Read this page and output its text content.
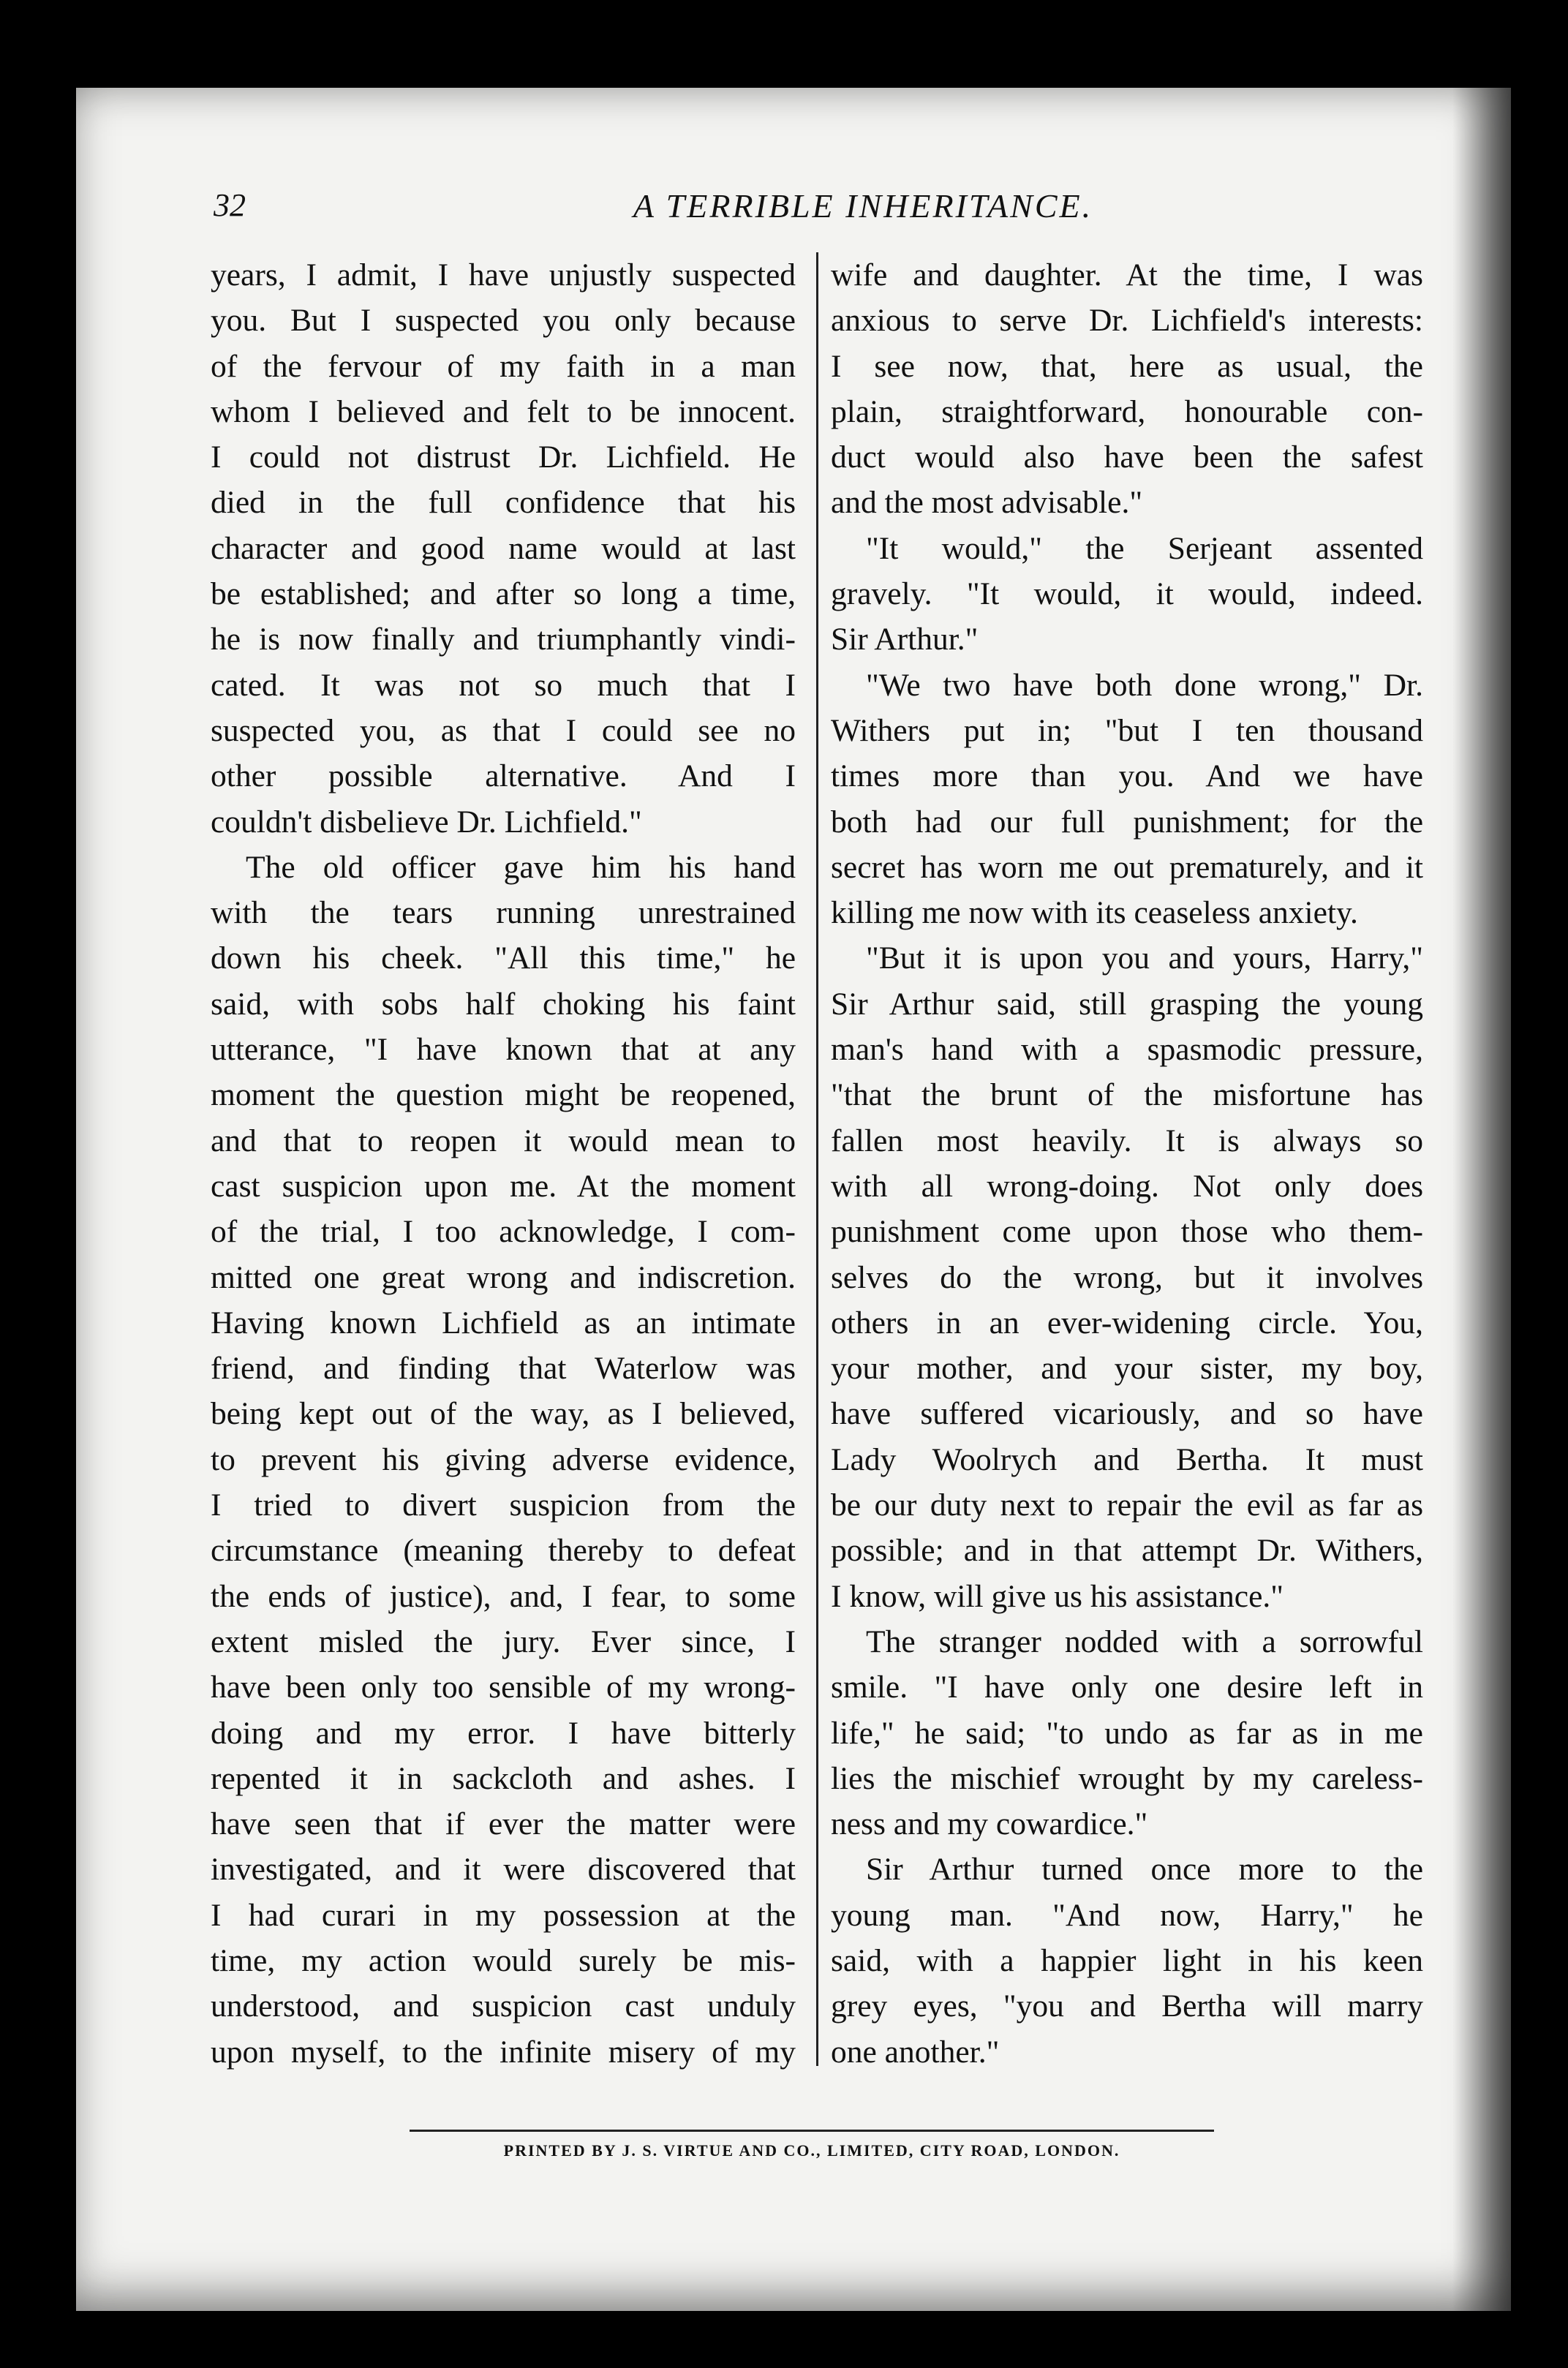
32	A TERRIBLE INHERITANCE.
years, I admit, I have unjustly suspected
you. But I suspected you only because
of the fervour of my faith in a man
whom I believed and felt to be innocent.
I could not distrust Dr. Lichfield. He
died in the full confidence that his
character and good name would at last
be established; and after so long a time,
he is now finally and triumphantly vindi-
cated. It was not so much that I
suspected you, as that I could see no
other possible alternative. And I
couldn't disbelieve Dr. Lichfield."
The old officer gave him his hand
with the tears running unrestrained
down his cheek. "All this time," he
said, with sobs half choking his faint
utterance, "I have known that at any
moment the question might be reopened,
and that to reopen it would mean to
cast suspicion upon me. At the moment
of the trial, I too acknowledge, I com-
mitted one great wrong and indiscretion.
Having known Lichfield as an intimate
friend, and finding that Waterlow was
being kept out of the way, as I believed,
to prevent his giving adverse evidence,
I tried to divert suspicion from the
circumstance (meaning thereby to defeat
the ends of justice), and, I fear, to some
extent misled the jury. Ever since, I
have been only too sensible of my wrong-
doing and my error. I have bitterly
repented it in sackcloth and ashes. I
have seen that if ever the matter were
investigated, and it were discovered that
I had curari in my possession at the
time, my action would surely be mis-
understood, and suspicion cast unduly
upon myself, to the infinite misery of my
wife and daughter. At the time, I was
anxious to serve Dr. Lichfield's interests:
I see now, that, here as usual, the
plain, straightforward, honourable con-
duct would also have been the safest
and the most advisable."
"It would," the Serjeant assented
gravely. "It would, it would, indeed.
Sir Arthur."
"We two have both done wrong," Dr.
Withers put in; "but I ten thousand
times more than you. And we have
both had our full punishment; for the
secret has worn me out prematurely, and it
killing me now with its ceaseless anxiety.
"But it is upon you and yours, Harry,"
Sir Arthur said, still grasping the young
man's hand with a spasmodic pressure,
"that the brunt of the misfortune has
fallen most heavily. It is always so
with all wrong-doing. Not only does
punishment come upon those who them-
selves do the wrong, but it involves
others in an ever-widening circle. You,
your mother, and your sister, my boy,
have suffered vicariously, and so have
Lady Woolrych and Bertha. It must
be our duty next to repair the evil as far as
possible; and in that attempt Dr. Withers,
I know, will give us his assistance."
The stranger nodded with a sorrowful
smile. "I have only one desire left in
life," he said; "to undo as far as in me
lies the mischief wrought by my careless-
ness and my cowardice."
Sir Arthur turned once more to the
young man. "And now, Harry," he
said, with a happier light in his keen
grey eyes, "you and Bertha will marry
one another."
PRINTED BY J. S. VIRTUE AND CO., LIMITED, CITY ROAD, LONDON.
